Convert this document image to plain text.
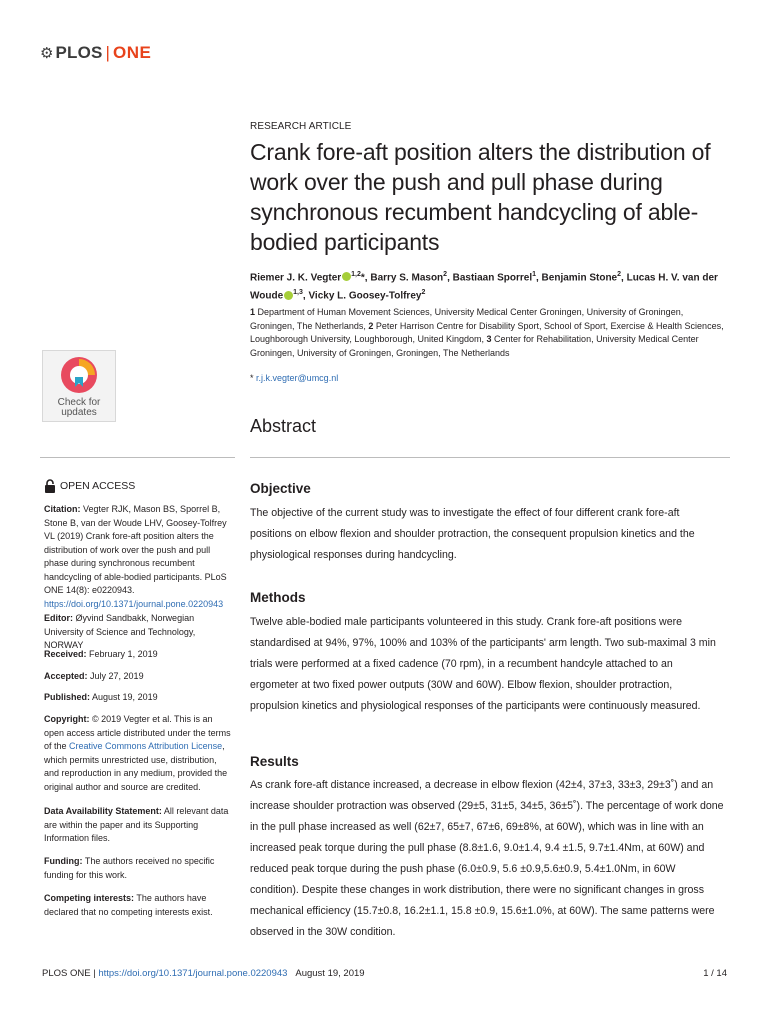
⚙ PLOS | ONE
Check for
updates
OPEN ACCESS
Citation: Vegter RJK, Mason BS, Sporrel B, Stone B, van der Woude LHV, Goosey-Tolfrey VL (2019) Crank fore-aft position alters the distribution of work over the push and pull phase during synchronous recumbent handcycling of able-bodied participants. PLoS ONE 14(8): e0220943.
https://doi.org/10.1371/journal.pone.0220943
Editor: Øyvind Sandbakk, Norwegian University of Science and Technology, NORWAY
Received: February 1, 2019
Accepted: July 27, 2019
Published: August 19, 2019
Copyright: © 2019 Vegter et al. This is an open access article distributed under the terms of the Creative Commons Attribution License, which permits unrestricted use, distribution, and reproduction in any medium, provided the original author and source are credited.
Data Availability Statement: All relevant data are within the paper and its Supporting Information files.
Funding: The authors received no specific funding for this work.
Competing interests: The authors have declared that no competing interests exist.
RESEARCH ARTICLE
Crank fore-aft position alters the distribution of work over the push and pull phase during synchronous recumbent handcycling of able-bodied participants
Riemer J. K. Vegter $^{1,2}$*, Barry S. Mason$^2$, Bastiaan Sporrel$^1$, Benjamin Stone$^2$, Lucas H. V. van der Woude $^{1,3}$, Vicky L. Goosey-Tolfrey$^2$
1 Department of Human Movement Sciences, University Medical Center Groningen, University of Groningen, Groningen, The Netherlands, 2 Peter Harrison Centre for Disability Sport, School of Sport, Exercise & Health Sciences, Loughborough University, Loughborough, United Kingdom, 3 Center for Rehabilitation, University Medical Center Groningen, University of Groningen, Groningen, The Netherlands
* r.j.k.vegter@umcg.nl
Abstract
Objective
The objective of the current study was to investigate the effect of four different crank fore-aft positions on elbow flexion and shoulder protraction, the consequent propulsion kinetics and the physiological responses during handcycling.
Methods
Twelve able-bodied male participants volunteered in this study. Crank fore-aft positions were standardised at 94%, 97%, 100% and 103% of the participants' arm length. Two sub-maximal 3 min trials were performed at a fixed cadence (70 rpm), in a recumbent handcyle attached to an ergometer at two fixed power outputs (30W and 60W). Elbow flexion, shoulder protraction, propulsion kinetics and physiological responses of the participants were continuously measured.
Results
As crank fore-aft distance increased, a decrease in elbow flexion (42±4, 37±3, 33±3, 29±3˚) and an increase shoulder protraction was observed (29±5, 31±5, 34±5, 36±5˚). The percentage of work done in the pull phase increased as well (62±7, 65±7, 67±6, 69±8%, at 60W), which was in line with an increased peak torque during the pull phase (8.8±1.6, 9.0±1.4, 9.4 ±1.5, 9.7±1.4Nm, at 60W) and reduced peak torque during the push phase (6.0±0.9, 5.6 ±0.9,5.6±0.9, 5.4±1.0Nm, in 60W condition). Despite these changes in work distribution, there were no significant changes in gross mechanical efficiency (15.7±0.8, 16.2±1.1, 15.8 ±0.9, 15.6±1.0%, at 60W). The same patterns were observed in the 30W condition.
PLOS ONE | https://doi.org/10.1371/journal.pone.0220943 August 19, 2019	1 / 14
